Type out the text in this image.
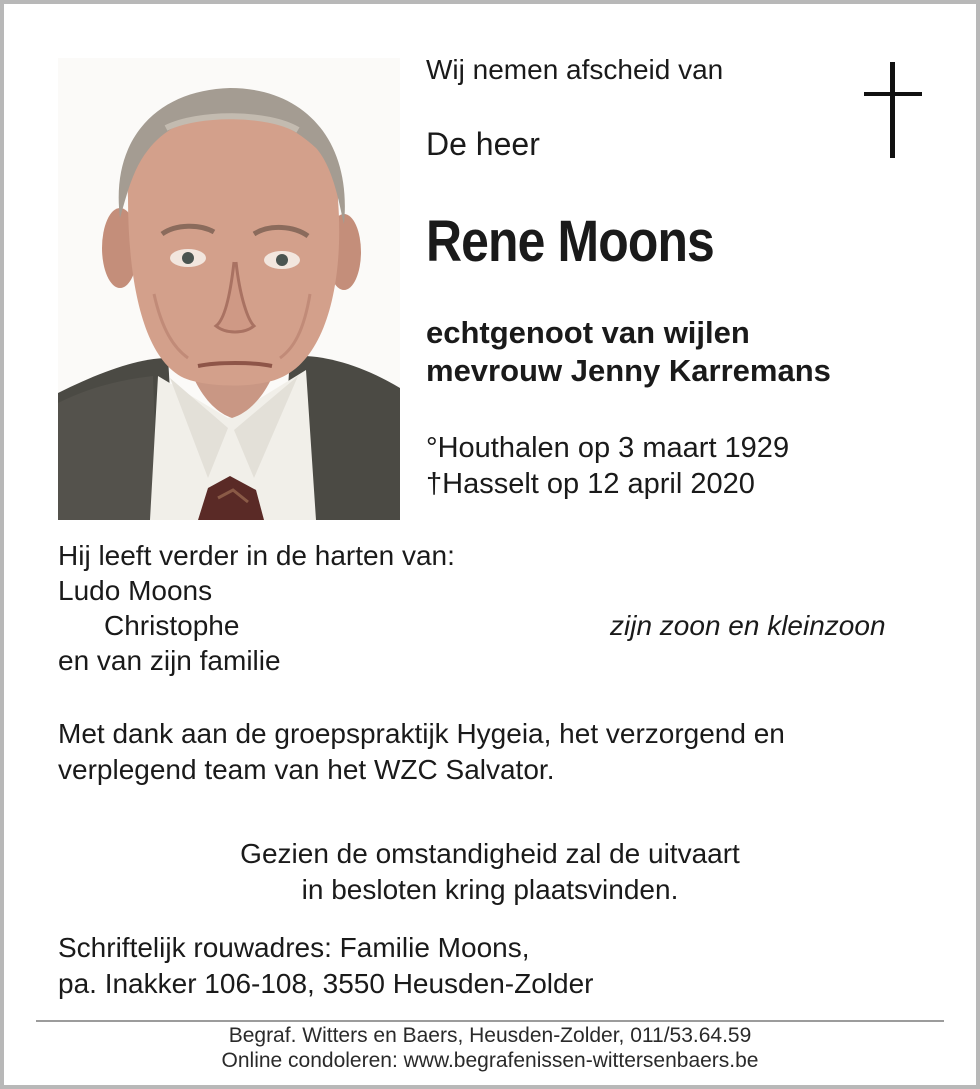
Wij nemen afscheid van
De heer
Rene Moons
echtgenoot van wijlen
mevrouw Jenny Karremans
°Houthalen op 3 maart 1929
†Hasselt op 12 april 2020
Hij leeft verder in de harten van:
Ludo Moons
Christophe
en van zijn familie
zijn zoon en kleinzoon
Met dank aan de groepspraktijk Hygeia, het verzorgend en
verplegend team van het WZC Salvator.
Gezien de omstandigheid zal de uitvaart
in besloten kring plaatsvinden.
Schriftelijk rouwadres: Familie Moons,
pa. Inakker 106-108, 3550 Heusden-Zolder
Begraf. Witters en Baers, Heusden-Zolder, 011/53.64.59
Online condoleren: www.begrafenissen-wittersenbaers.be
